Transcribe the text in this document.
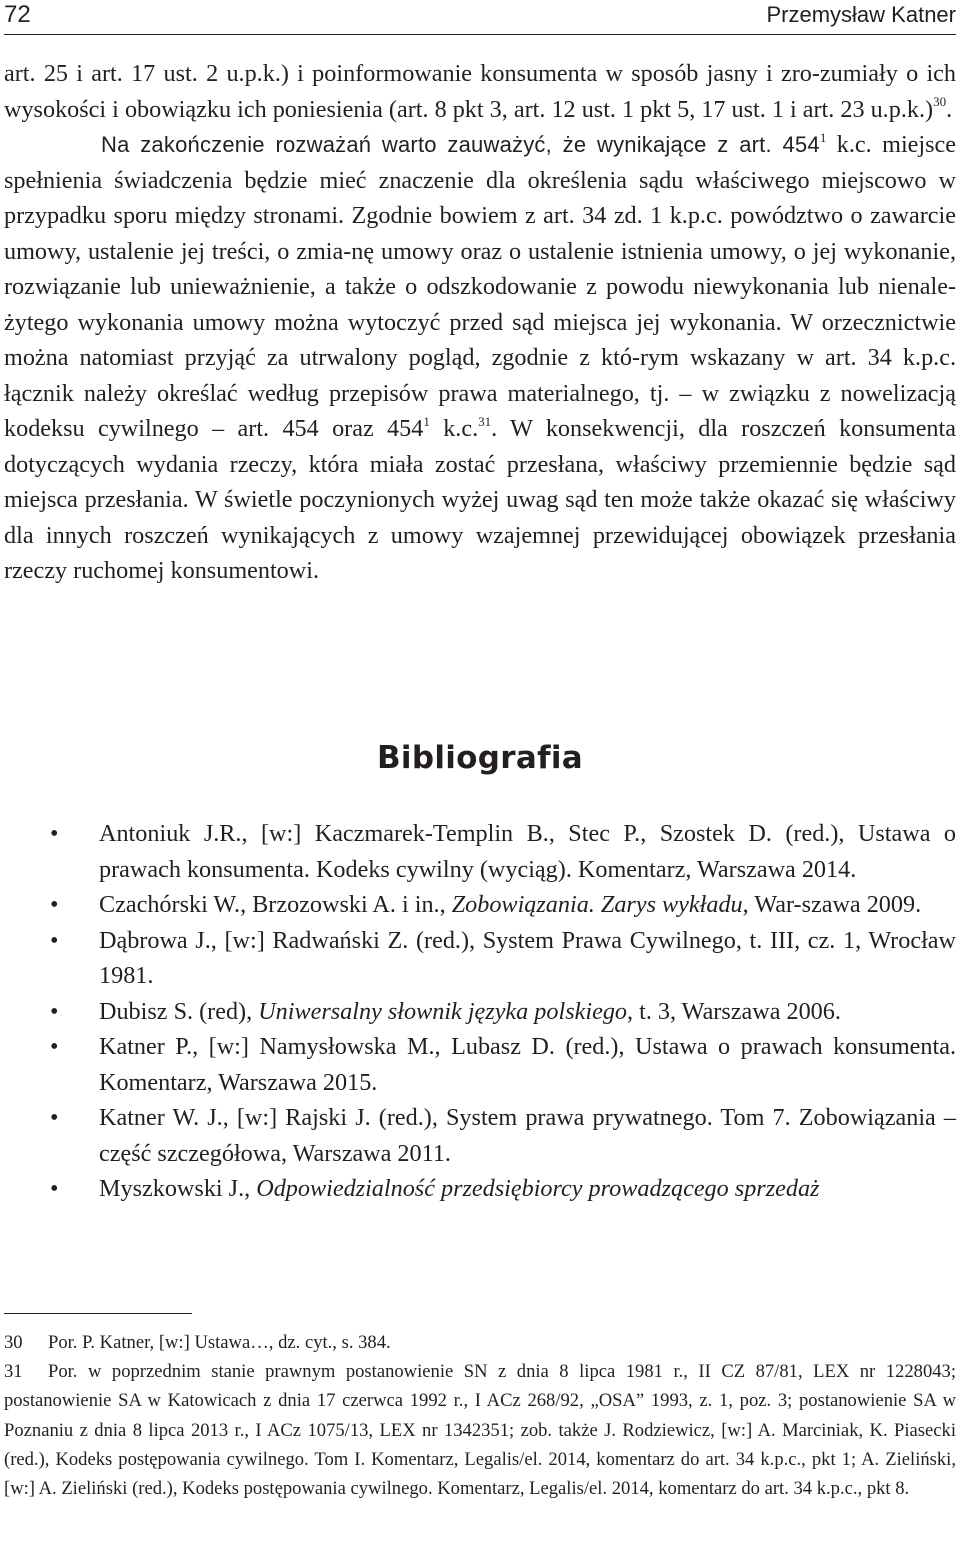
72	Przemysław Katner

art. 25 i art. 17 ust. 2 u.p.k.) i poinformowanie konsumenta w sposób jasny i zro-zumiały o ich wysokości i obowiązku ich poniesienia (art. 8 pkt 3, art. 12 ust. 1 pkt 5, 17 ust. 1 i art. 23 u.p.k.)$^{30}$.

Na zakończenie rozważań warto zauważyć, że wynikające z art. $454^1$ k.c. miejsce spełnienia świadczenia będzie mieć znaczenie dla określenia sądu właściwego miejscowo w przypadku sporu między stronami. Zgodnie bowiem z art. 34 zd. 1 k.p.c. powództwo o zawarcie umowy, ustalenie jej treści, o zmia-nę umowy oraz o ustalenie istnienia umowy, o jej wykonanie, rozwiązanie lub unieważnienie, a także o odszkodowanie z powodu niewykonania lub nienale-żytego wykonania umowy można wytoczyć przed sąd miejsca jej wykonania. W orzecznictwie można natomiast przyjąć za utrwalony pogląd, zgodnie z któ-rym wskazany w art. 34 k.p.c. łącznik należy określać według przepisów prawa materialnego, tj. – w związku z nowelizacją kodeksu cywilnego – art. 454 oraz $454^1$ k.c.$^{31}$. W konsekwencji, dla roszczeń konsumenta dotyczących wydania rzeczy, która miała zostać przesłana, właściwy przemiennie będzie sąd miejsca przesłania. W świetle poczynionych wyżej uwag sąd ten może także okazać się właściwy dla innych roszczeń wynikających z umowy wzajemnej przewidującej obowiązek przesłania rzeczy ruchomej konsumentowi.

Bibliografia
• Antoniuk J.R., [w:] Kaczmarek-Templin B., Stec P., Szostek D. (red.), Ustawa o prawach konsumenta. Kodeks cywilny (wyciąg). Komentarz, Warszawa 2014.
• Czachórski W., Brzozowski A. i in., Zobowiązania. Zarys wykładu, War-szawa 2009.
• Dąbrowa J., [w:] Radwański Z. (red.), System Prawa Cywilnego, t. III, cz. 1, Wrocław 1981.
• Dubisz S. (red), Uniwersalny słownik języka polskiego, t. 3, Warszawa 2006.
• Katner P., [w:] Namysłowska M., Lubasz D. (red.), Ustawa o prawach konsumenta. Komentarz, Warszawa 2015.
• Katner W. J., [w:] Rajski J. (red.), System prawa prywatnego. Tom 7. Zobowiązania – część szczegółowa, Warszawa 2011.
• Myszkowski J., Odpowiedzialność przedsiębiorcy prowadzącego sprzedaż
30 Por. P. Katner, [w:] Ustawa…, dz. cyt., s. 384.
31 Por. w poprzednim stanie prawnym postanowienie SN z dnia 8 lipca 1981 r., II CZ 87/81, LEX nr 1228043; postanowienie SA w Katowicach z dnia 17 czerwca 1992 r., I ACz 268/92, „OSA” 1993, z. 1, poz. 3; postanowienie SA w Poznaniu z dnia 8 lipca 2013 r., I ACz 1075/13, LEX nr 1342351; zob. także J. Rodziewicz, [w:] A. Marciniak, K. Piasecki (red.), Kodeks postępowania cywilnego. Tom I. Komentarz, Legalis/el. 2014, komentarz do art. 34 k.p.c., pkt 1; A. Zieliński, [w:] A. Zieliński (red.), Kodeks postępowania cywilnego. Komentarz, Legalis/el. 2014, komentarz do art. 34 k.p.c., pkt 8.
